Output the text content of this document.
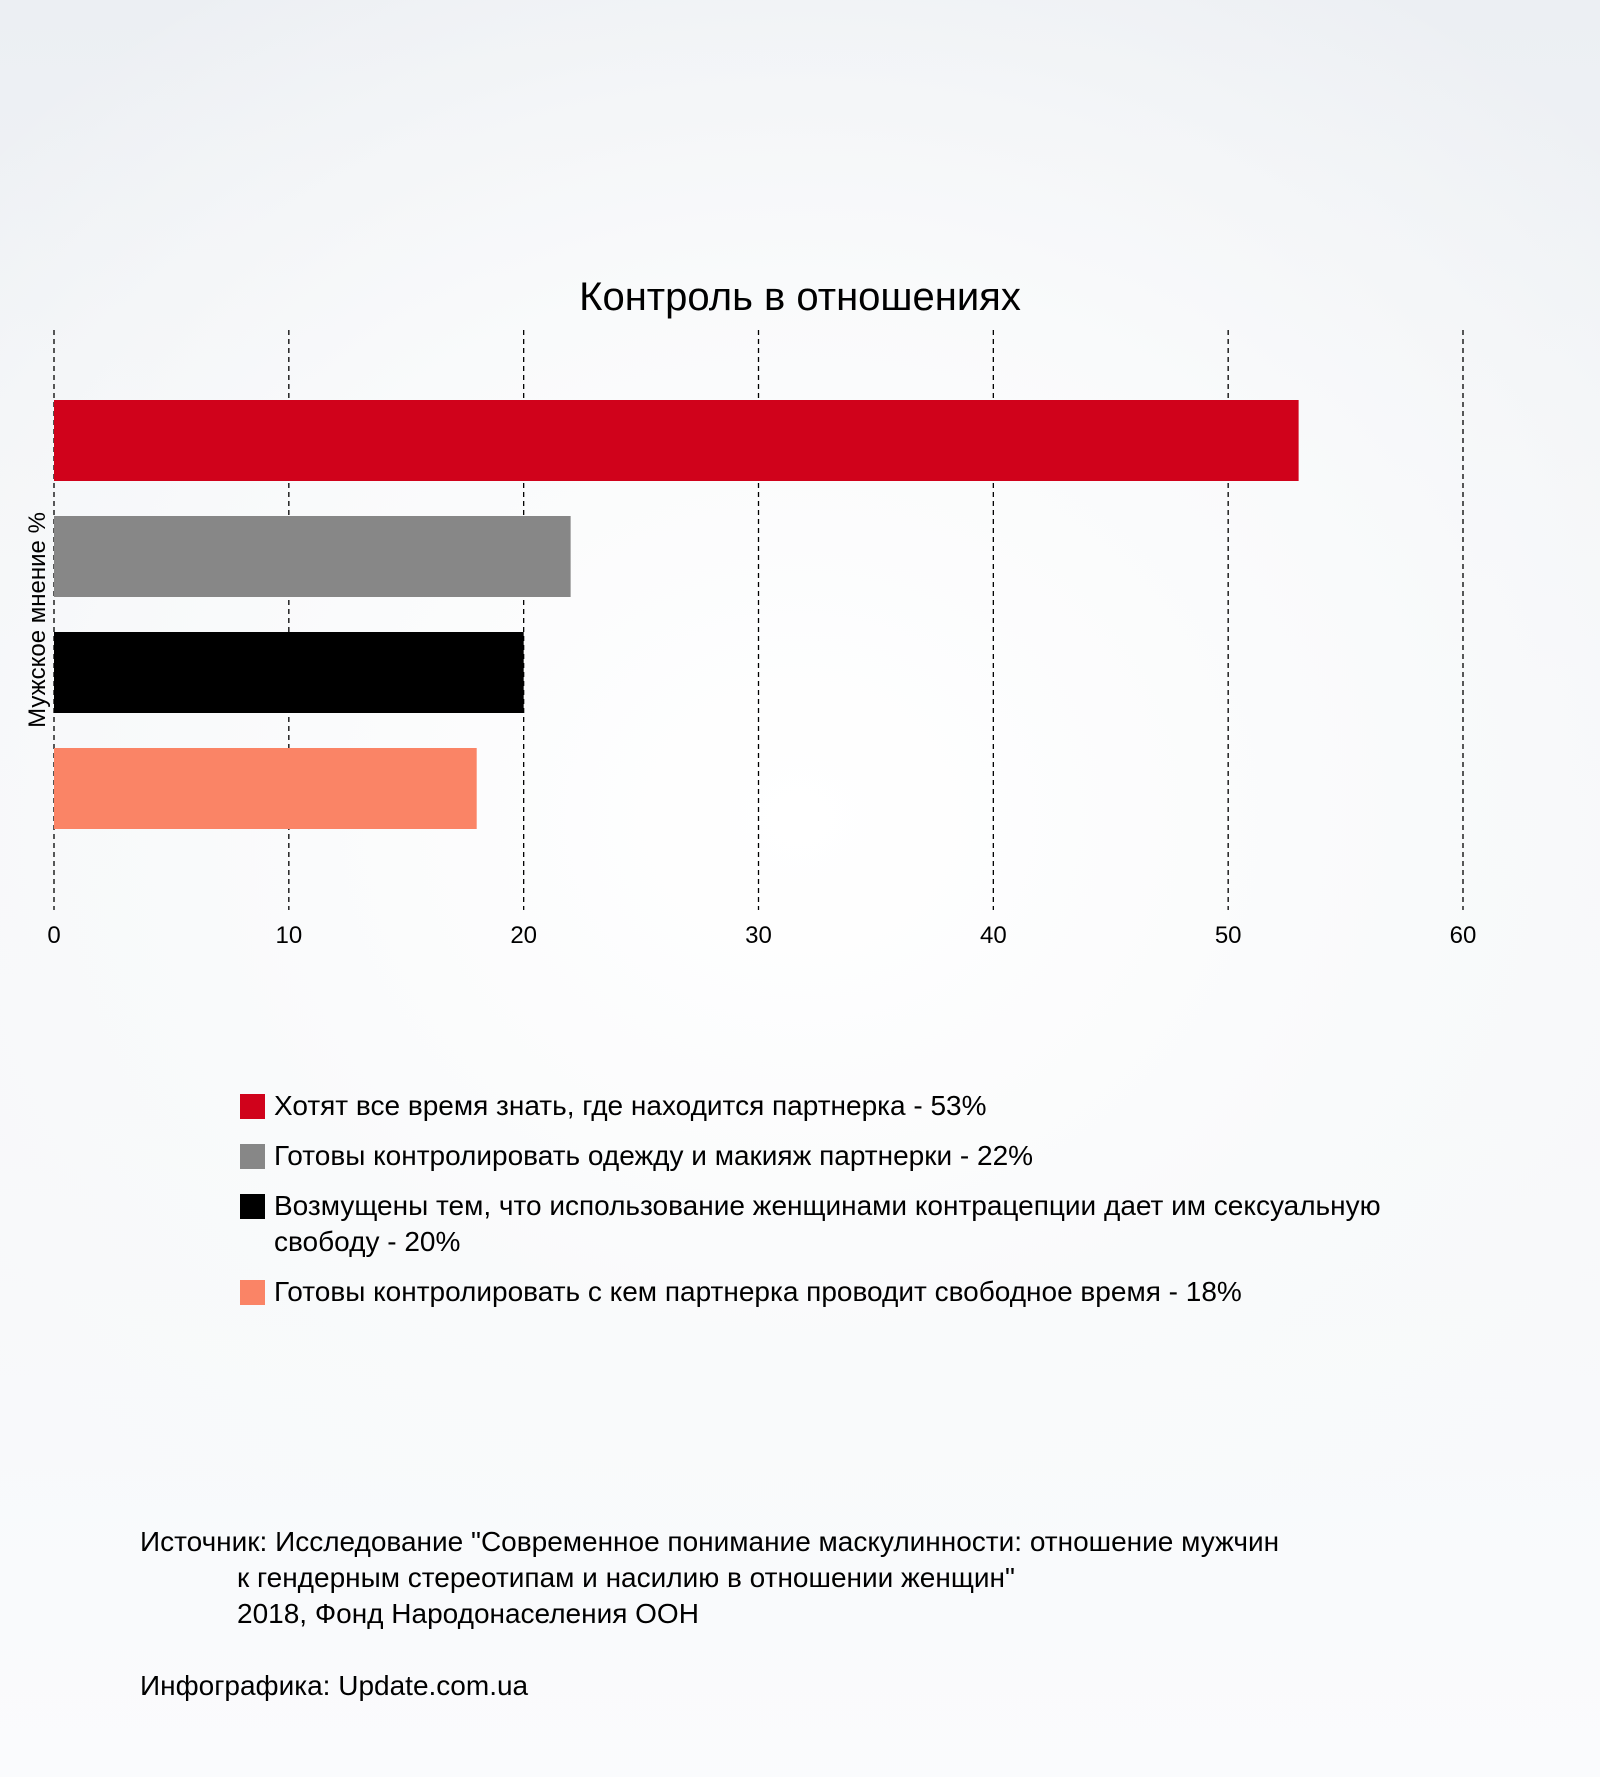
Контроль в отношениях
0	10	20	30	40	50	60
Мужское мнение %
Хотят все время знать, где находится партнерка - 53%
Готовы контролировать одежду и макияж партнерки - 22%
Возмущены тем, что использование женщинами контрацепции дает им сексуальную свободу - 20%
Готовы контролировать с кем партнерка проводит свободное время - 18%
Источник: Исследование "Современное понимание маскулинности: отношение мужчин
к гендерным стереотипам и насилию в отношении женщин"
2018, Фонд Народонаселения ООН
Инфографика: Update.com.ua
